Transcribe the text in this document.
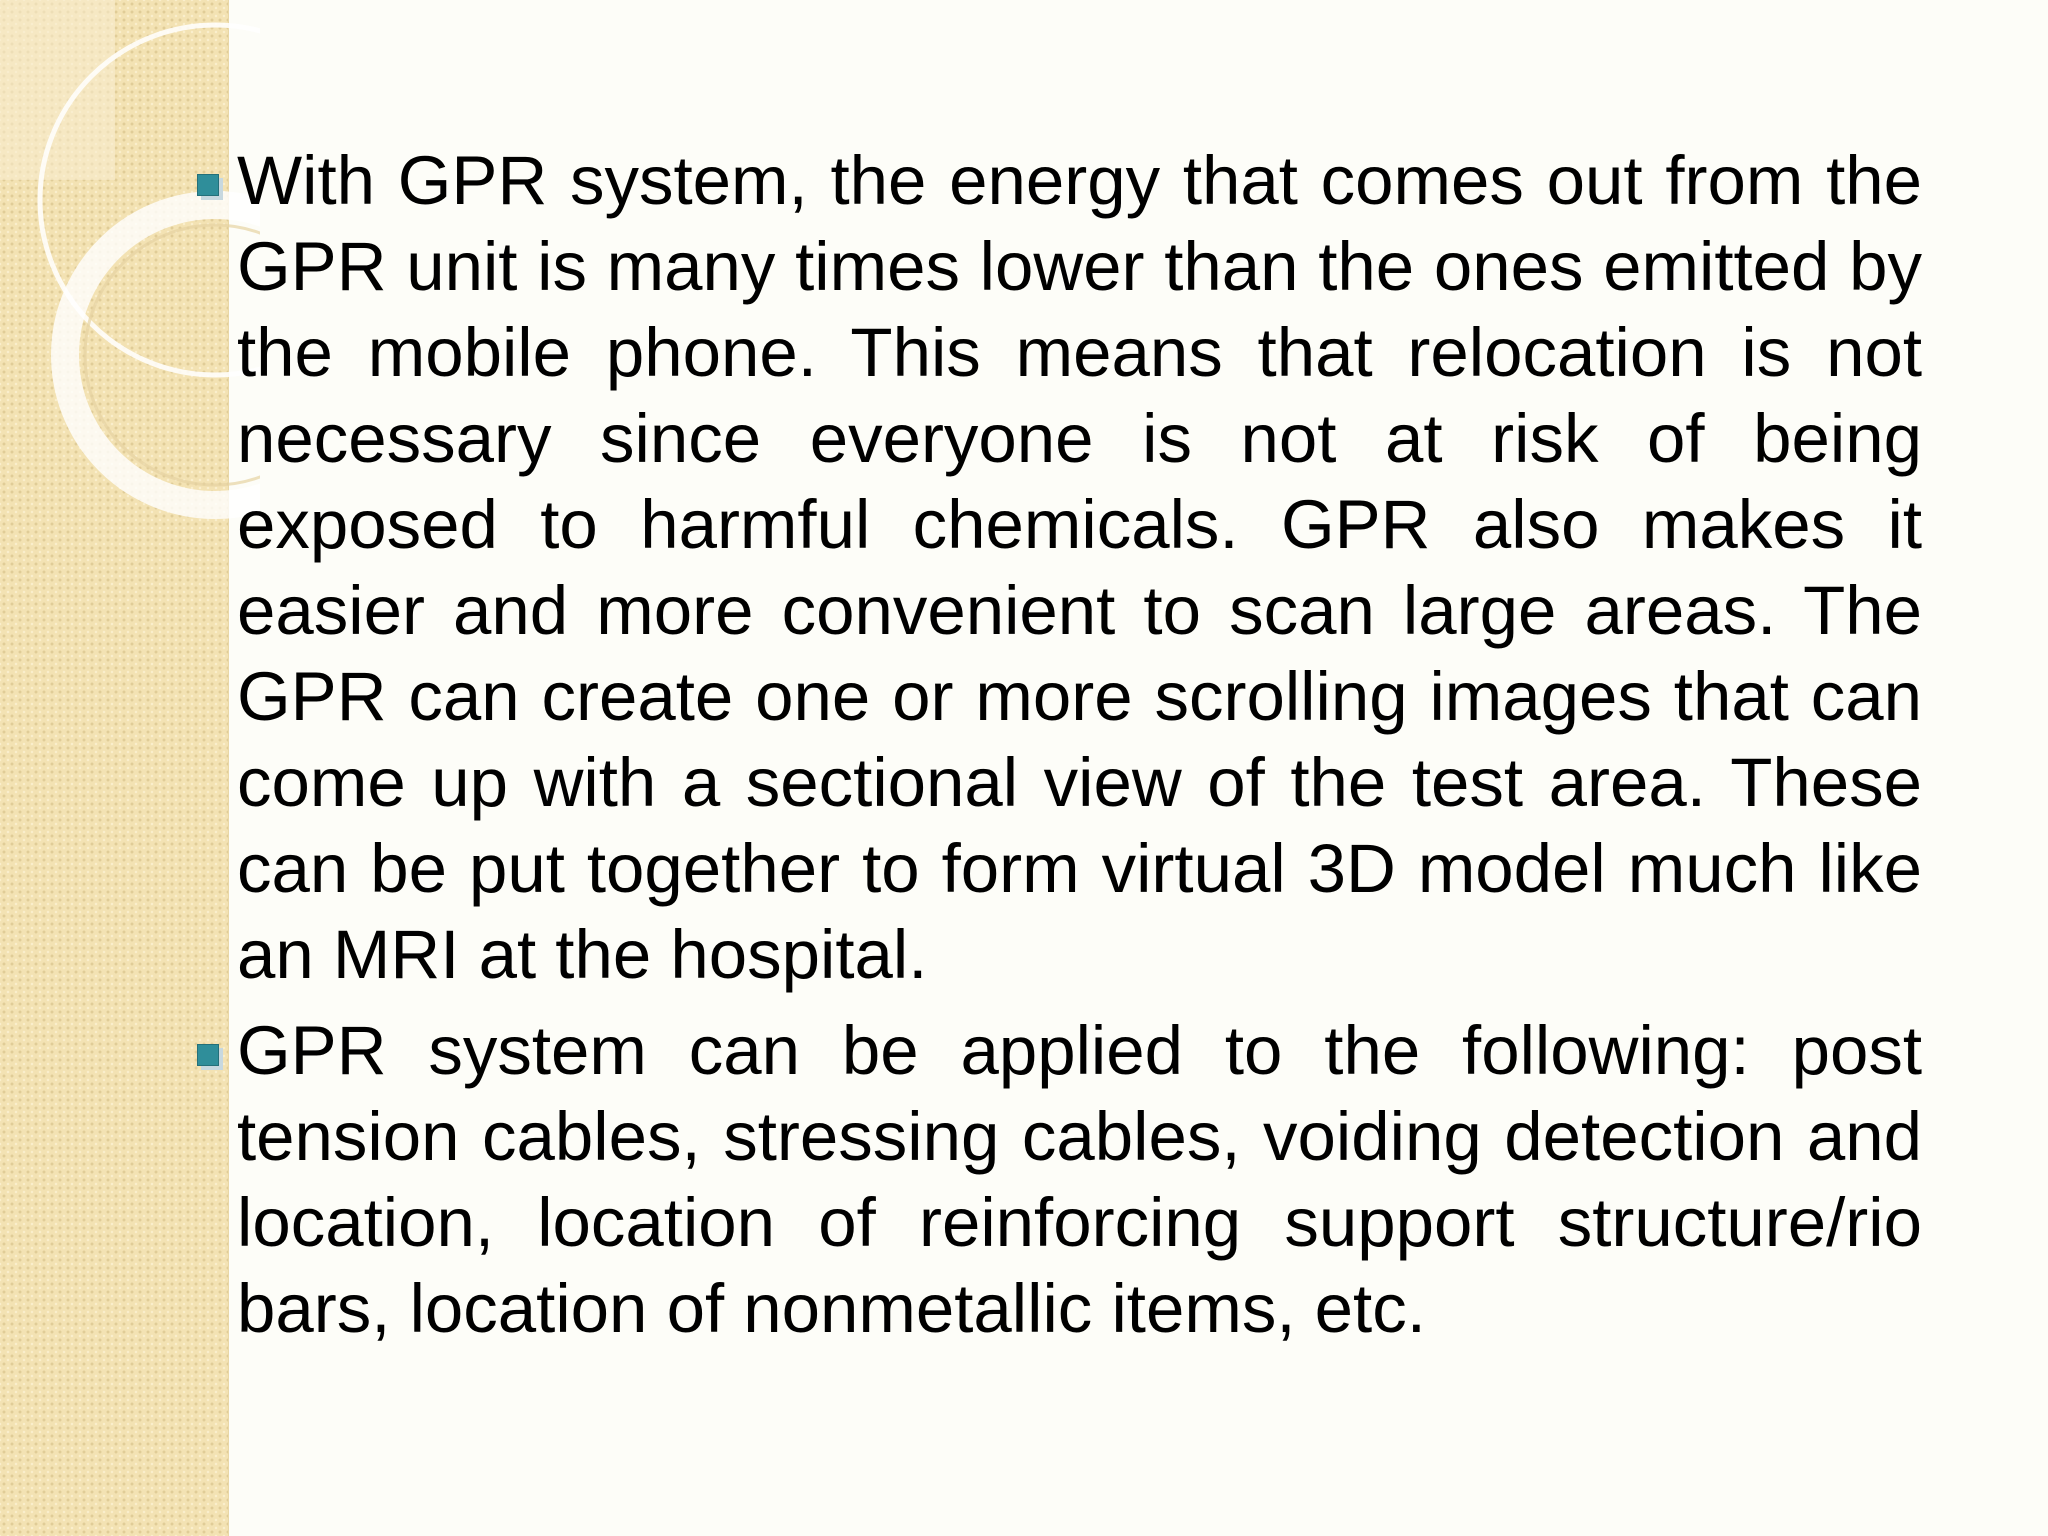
With GPR system, the energy that comes out from the GPR unit is many times lower than the ones emitted by the mobile phone. This means that relocation is not necessary since everyone is not at risk of being exposed to harmful chemicals. GPR also makes it easier and more convenient to scan large areas. The GPR can create one or more scrolling images that can come up with a sectional view of the test area. These can be put together to form virtual 3D model much like an MRI at the hospital.

GPR system can be applied to the following: post tension cables, stressing cables, voiding detection and location, location of reinforcing support structure/rio bars, location of nonmetallic items, etc.
